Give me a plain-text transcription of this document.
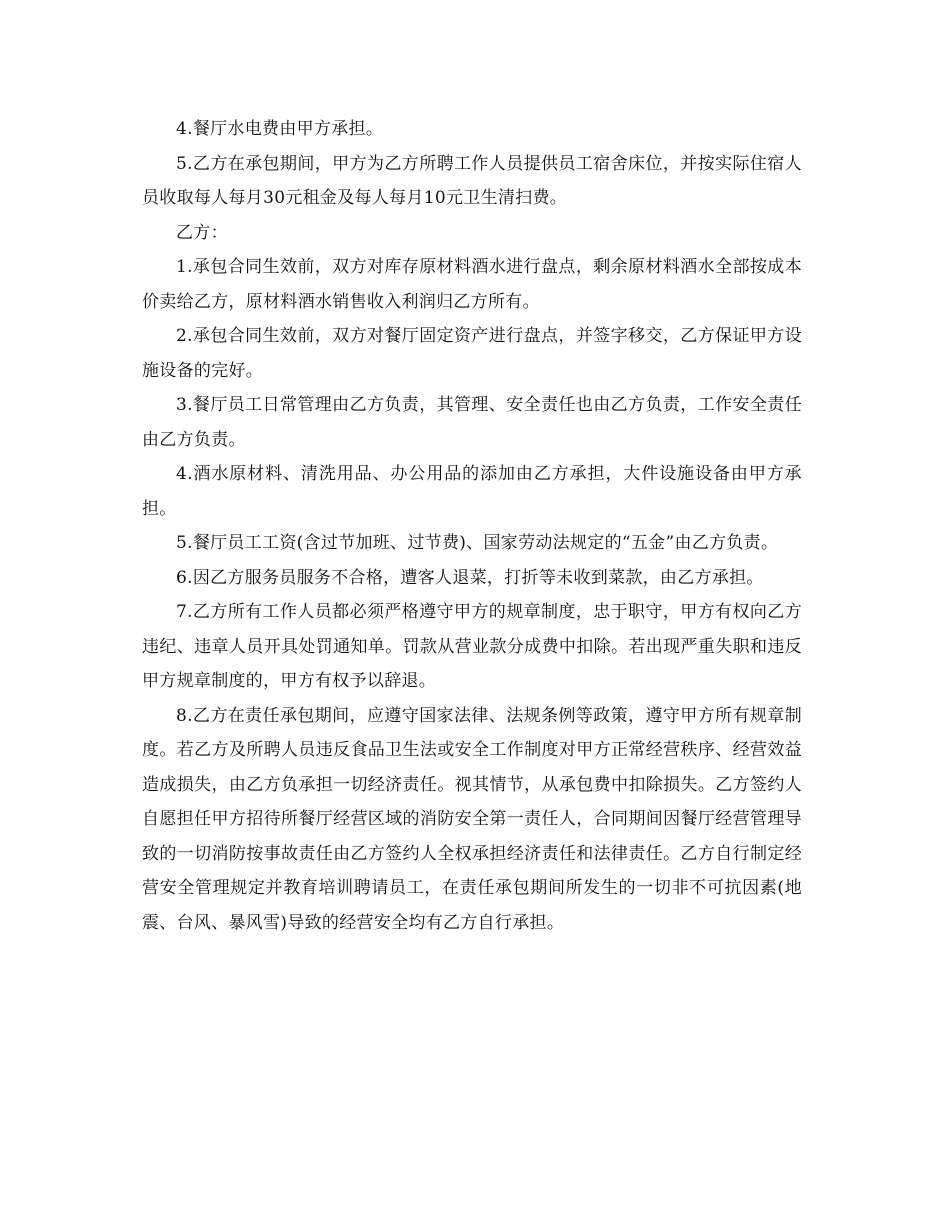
4.餐厅水电费由甲方承担。

5.乙方在承包期间，甲方为乙方所聘工作人员提供员工宿舍床位，并按实际住宿人员收取每人每月30元租金及每人每月10元卫生清扫费。

乙方：

1.承包合同生效前，双方对库存原材料酒水进行盘点，剩余原材料酒水全部按成本价卖给乙方，原材料酒水销售收入利润归乙方所有。

2.承包合同生效前，双方对餐厅固定资产进行盘点，并签字移交，乙方保证甲方设施设备的完好。

3.餐厅员工日常管理由乙方负责，其管理、安全责任也由乙方负责，工作安全责任由乙方负责。

4.酒水原材料、清洗用品、办公用品的添加由乙方承担，大件设施设备由甲方承担。

5.餐厅员工工资(含过节加班、过节费)、国家劳动法规定的“五金”由乙方负责。

6.因乙方服务员服务不合格，遭客人退菜，打折等未收到菜款，由乙方承担。

7.乙方所有工作人员都必须严格遵守甲方的规章制度，忠于职守，甲方有权向乙方违纪、违章人员开具处罚通知单。罚款从营业款分成费中扣除。若出现严重失职和违反甲方规章制度的，甲方有权予以辞退。

8.乙方在责任承包期间，应遵守国家法律、法规条例等政策，遵守甲方所有规章制度。若乙方及所聘人员违反食品卫生法或安全工作制度对甲方正常经营秩序、经营效益造成损失，由乙方负承担一切经济责任。视其情节，从承包费中扣除损失。乙方签约人自愿担任甲方招待所餐厅经营区域的消防安全第一责任人，合同期间因餐厅经营管理导致的一切消防按事故责任由乙方签约人全权承担经济责任和法律责任。乙方自行制定经营安全管理规定并教育培训聘请员工，在责任承包期间所发生的一切非不可抗因素(地震、台风、暴风雪)导致的经营安全均有乙方自行承担。
